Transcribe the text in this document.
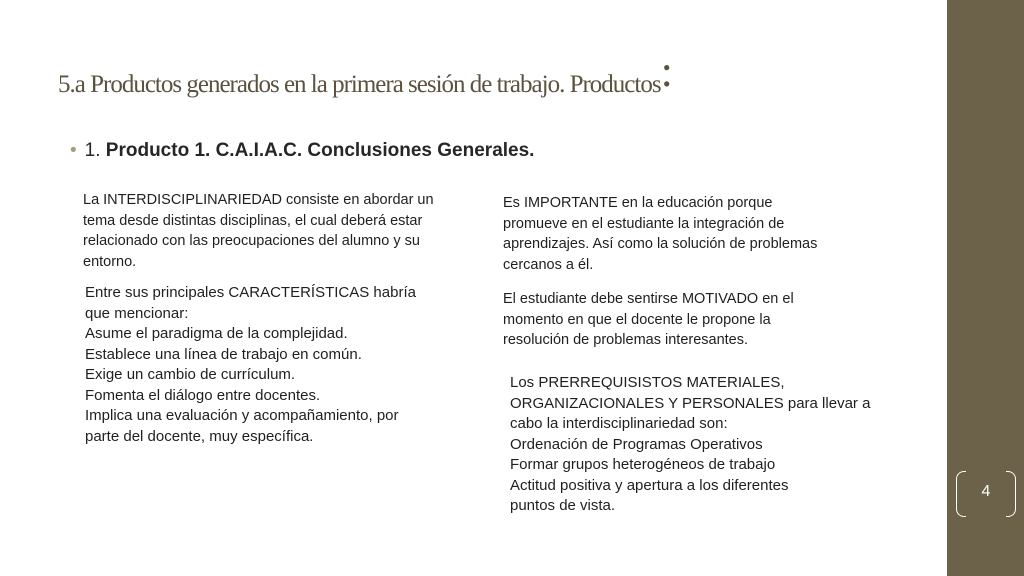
4
5.a Productos generados en la primera sesión de trabajo. Productos:
• 1. Producto 1. C.A.I.A.C. Conclusiones Generales.
La INTERDISCIPLINARIEDAD consiste en abordar un
tema desde distintas disciplinas, el cual deberá estar
relacionado con las preocupaciones del alumno y su
entorno.
Entre sus principales CARACTERÍSTICAS habría
que mencionar:
Asume el paradigma de la complejidad.
Establece una línea de trabajo en común.
Exige un cambio de currículum.
Fomenta el diálogo entre docentes.
Implica una evaluación y acompañamiento, por
parte del docente, muy específica.
Es IMPORTANTE en la educación porque
promueve en el estudiante la integración de
aprendizajes. Así como la solución de problemas
cercanos a él.
El estudiante debe sentirse MOTIVADO en el
momento en que el docente le propone la
resolución de problemas interesantes.
Los PRERREQUISISTOS MATERIALES,
ORGANIZACIONALES Y PERSONALES para llevar a
cabo la interdisciplinariedad son:
Ordenación de Programas Operativos
Formar grupos heterogéneos de trabajo
Actitud positiva y apertura a los diferentes
puntos de vista.
